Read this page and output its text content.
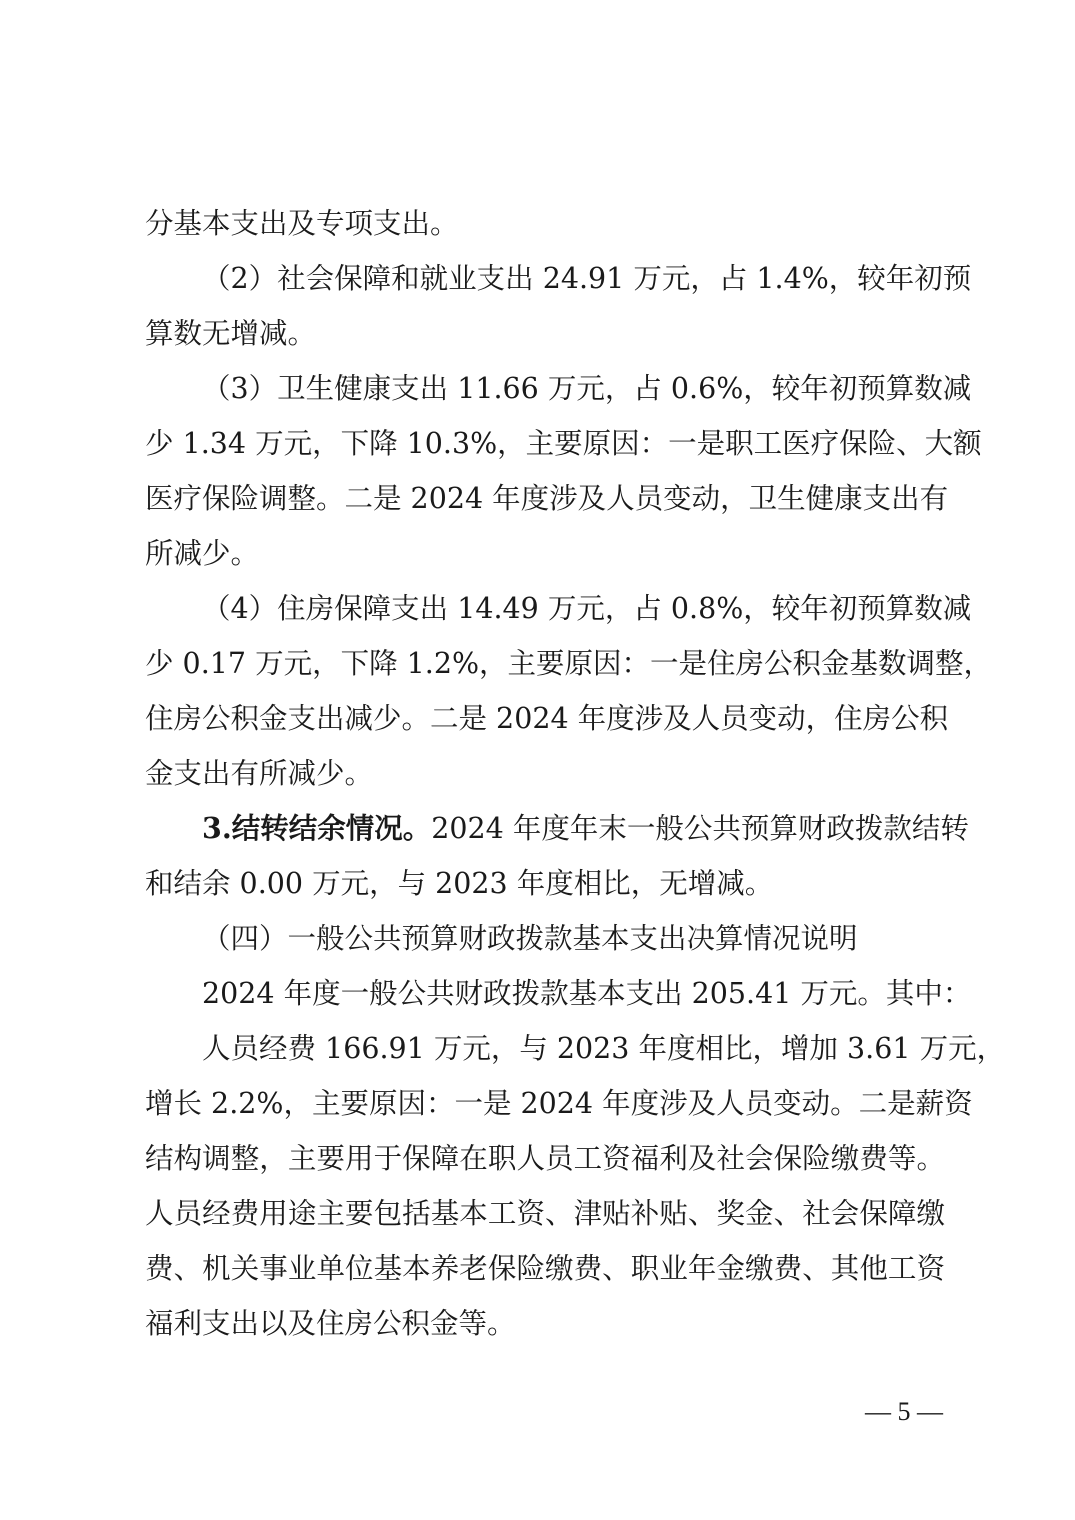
分基本支出及专项支出。
（2）社会保障和就业支出 24.91 万元，占 1.4%，较年初预
算数无增减。
（3）卫生健康支出 11.66 万元，占 0.6%，较年初预算数减
少 1.34 万元，下降 10.3%，主要原因：一是职工医疗保险、大额
医疗保险调整。二是 2024 年度涉及人员变动，卫生健康支出有
所减少。
（4）住房保障支出 14.49 万元，占 0.8%，较年初预算数减
少 0.17 万元，下降 1.2%，主要原因：一是住房公积金基数调整，
住房公积金支出减少。二是 2024 年度涉及人员变动，住房公积
金支出有所减少。
3.结转结余情况。2024 年度年末一般公共预算财政拨款结转
和结余 0.00 万元，与 2023 年度相比，无增减。
（四）一般公共预算财政拨款基本支出决算情况说明
2024 年度一般公共财政拨款基本支出 205.41 万元。其中：
人员经费 166.91 万元，与 2023 年度相比，增加 3.61 万元，
增长 2.2%，主要原因：一是 2024 年度涉及人员变动。二是薪资
结构调整，主要用于保障在职人员工资福利及社会保险缴费等。
人员经费用途主要包括基本工资、津贴补贴、奖金、社会保障缴
费、机关事业单位基本养老保险缴费、职业年金缴费、其他工资
福利支出以及住房公积金等。
— 5 —
